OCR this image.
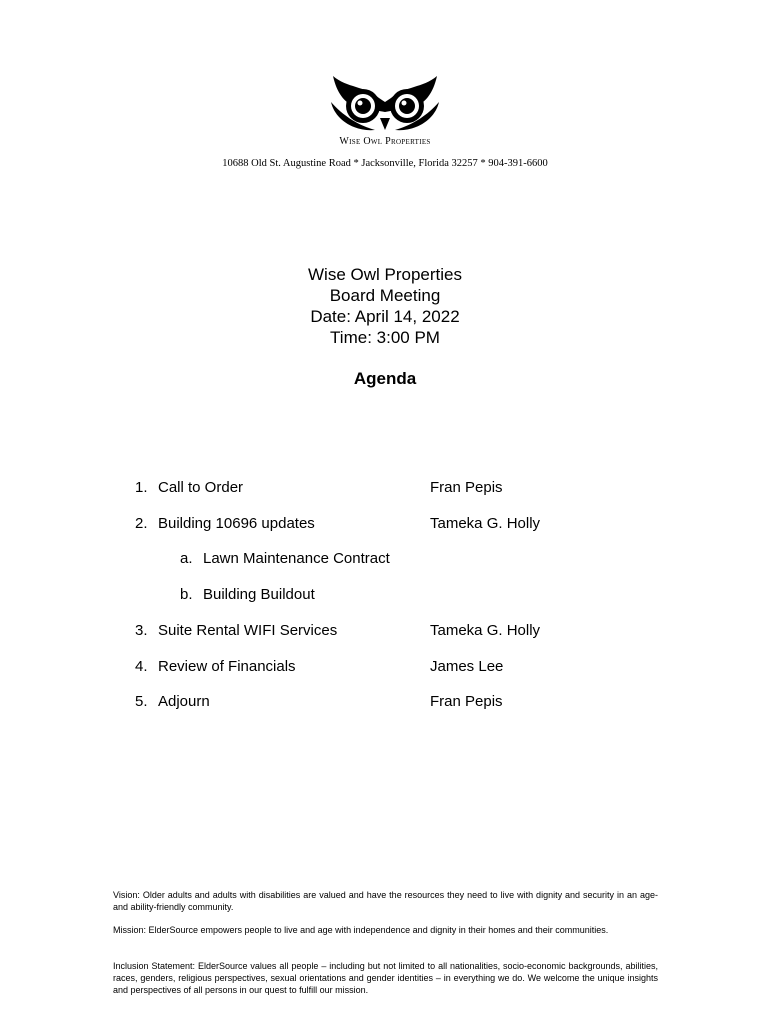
Wise Owl Properties
10688 Old St. Augustine Road * Jacksonville, Florida 32257 * 904-391-6600
Wise Owl Properties
Board Meeting
Date: April 14, 2022
Time: 3:00 PM
Agenda
1. Call to Order	Fran Pepis
2. Building 10696 updates	Tameka G. Holly
a. Lawn Maintenance Contract
b. Building Buildout
3. Suite Rental WIFI Services	Tameka G. Holly
4. Review of Financials	James Lee
5. Adjourn	Fran Pepis
Vision: Older adults and adults with disabilities are valued and have the resources they need to live with dignity and security in an age- and ability-friendly community.
Mission: ElderSource empowers people to live and age with independence and dignity in their homes and their communities.
Inclusion Statement: ElderSource values all people – including but not limited to all nationalities, socio-economic backgrounds, abilities, races, genders, religious perspectives, sexual orientations and gender identities – in everything we do. We welcome the unique insights and perspectives of all persons in our quest to fulfill our mission.
